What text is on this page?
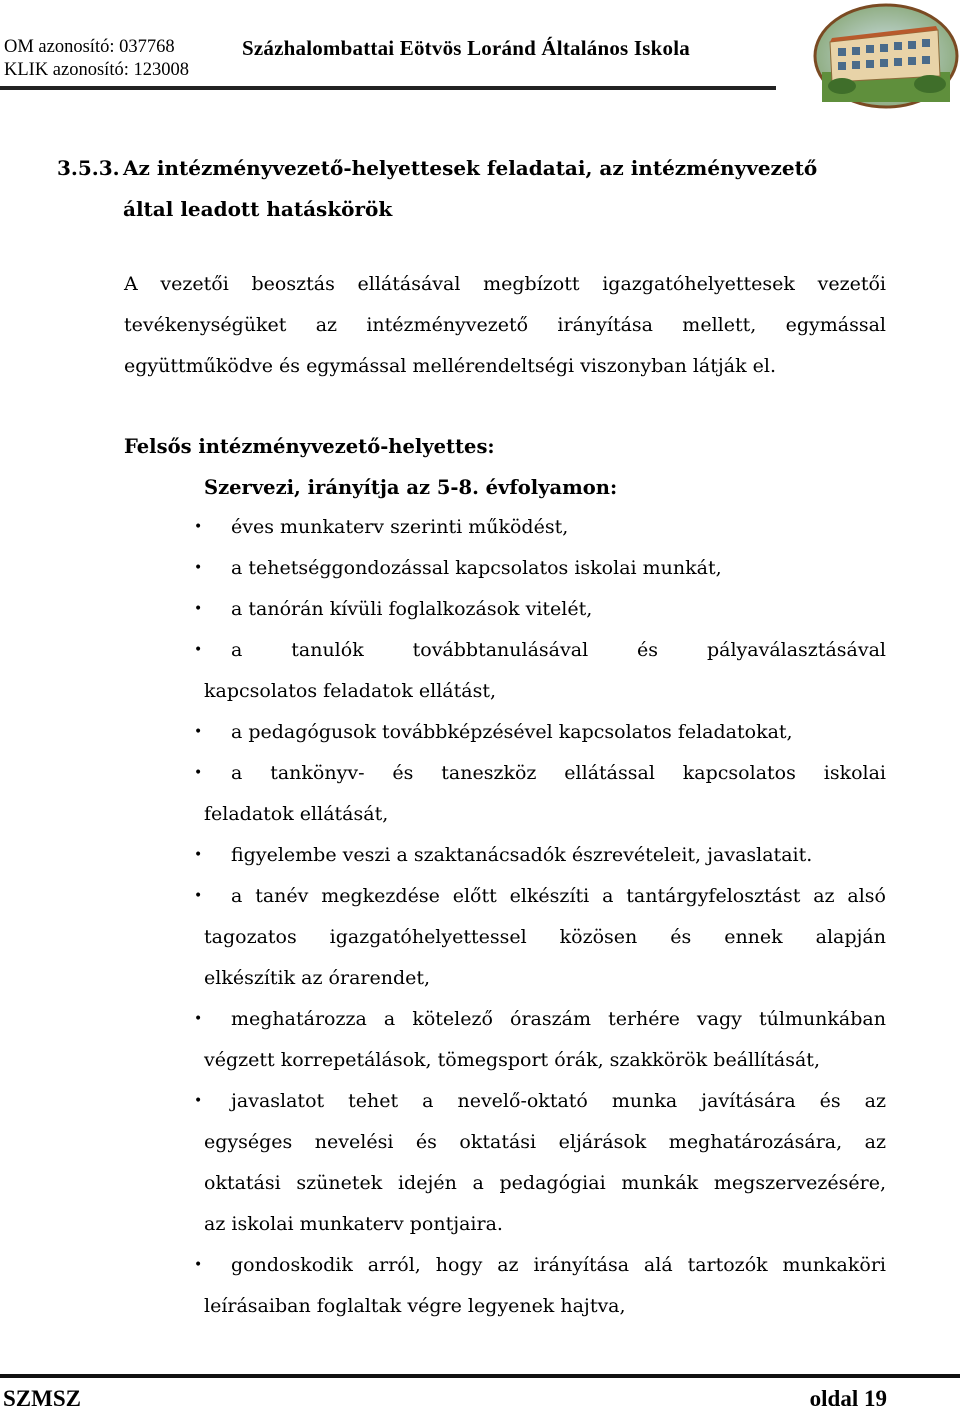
OM azonosító: 037768
KLIK azonosító: 123008
Százhalombattai Eötvös Loránd Általános Iskola
3.5.3. Az intézményvezető-helyettesek feladatai, az intézményvezető
által leadott hatáskörök
A vezetői beosztás ellátásával megbízott igazgatóhelyettesek vezetői
tevékenységüket az intézményvezető irányítása mellett, egymással
együttműködve és egymással mellérendeltségi viszonyban látják el.
Felsős intézményvezető-helyettes:
Szervezi, irányítja az 5-8. évfolyamon:
•	éves munkaterv szerinti működést,
•	a tehetséggondozással kapcsolatos iskolai munkát,
•	a tanórán kívüli foglalkozások vitelét,
•	a tanulók továbbtanulásával és pályaválasztásával
kapcsolatos feladatok ellátást,
•	a pedagógusok továbbképzésével kapcsolatos feladatokat,
•	a tankönyv- és taneszköz ellátással kapcsolatos iskolai
feladatok ellátását,
•	figyelembe veszi a szaktanácsadók észrevételeit, javaslatait.
•	a tanév megkezdése előtt elkészíti a tantárgyfelosztást az alsó
tagozatos igazgatóhelyettessel közösen és ennek alapján
elkészítik az órarendet,
•	meghatározza a kötelező óraszám terhére vagy túlmunkában
végzett korrepetálások, tömegsport órák, szakkörök beállítását,
•	javaslatot tehet a nevelő-oktató munka javítására és az
egységes nevelési és oktatási eljárások meghatározására, az
oktatási szünetek idején a pedagógiai munkák megszervezésére,
az iskolai munkaterv pontjaira.
•	gondoskodik arról, hogy az irányítása alá tartozók munkaköri
leírásaiban foglaltak végre legyenek hajtva,
SZMSZ	oldal 19
